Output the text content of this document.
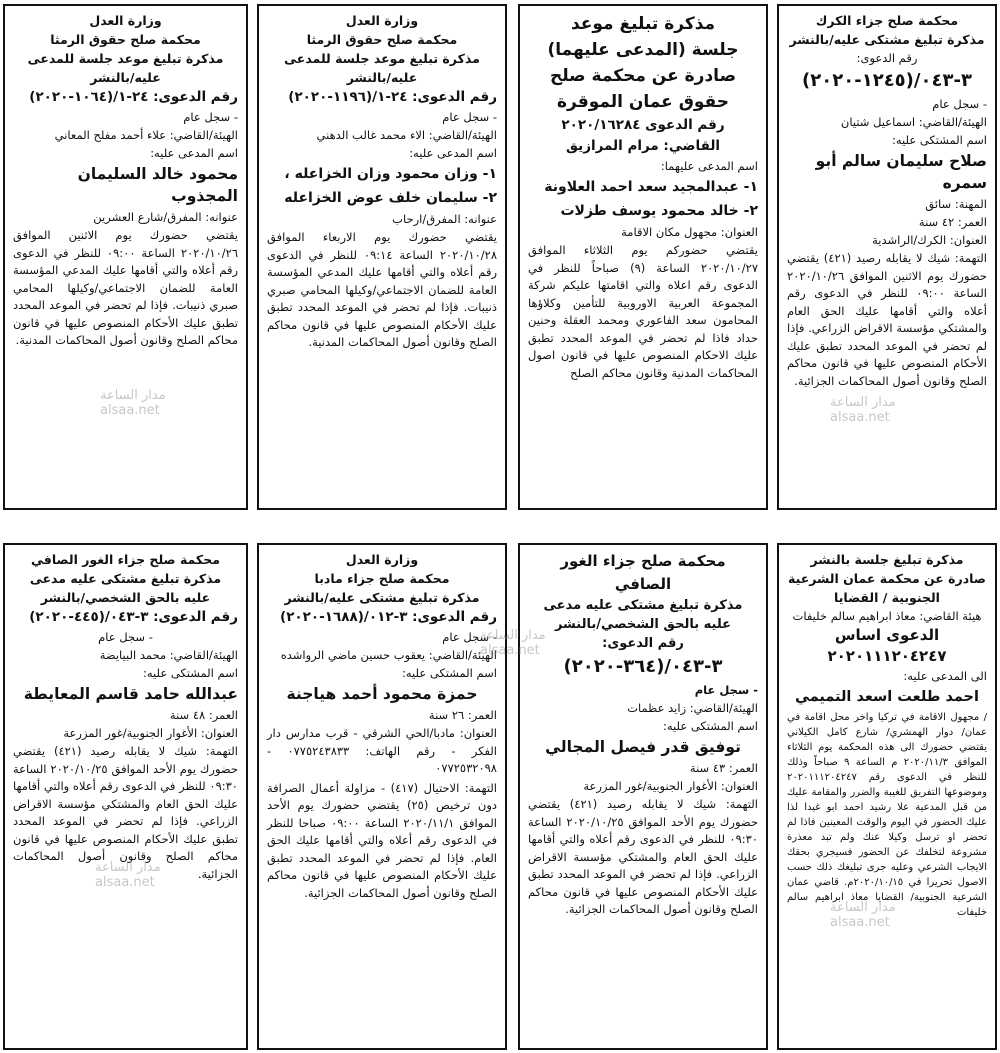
محكمة صلح جزاء الكرك

مذكرة تبليغ مشتكى عليه/بالنشر

رقم الدعوى:

٣-٠٤٣/(١٢٤٥-٢٠٢٠)

- سجل عام

الهيئة/القاضي: اسماعيل شتيان

اسم المشتكى عليه:

صلاح سليمان سالم أبو سمره

المهنة: سائق

العمر: ٤٢ سنة

العنوان: الكرك/الراشدية

التهمة: شيك لا يقابله رصيد (٤٢١) يقتضي حضورك يوم الاثنين الموافق ٢٠٢٠/١٠/٢٦ الساعة ٠٩:٠٠ للنظر في الدعوى رقم أعلاه والتي أقامها عليك الحق العام والمشتكي مؤسسة الاقراض الزراعي. فإذا لم تحضر في الموعد المحدد تطبق عليك الأحكام المنصوص عليها في قانون محاكم الصلح وقانون أصول المحاكمات الجزائية.

مذكرة تبليغ موعد

جلسة (المدعى عليهما)

صادرة عن محكمة صلح

حقوق عمان الموقرة

رقم الدعوى ٢٠٢٠/١٦٢٨٤

القاضي: مرام المرازيق

اسم المدعى عليهما:

١- عبدالمجيد سعد احمد العلاونة

٢- خالد محمود يوسف طزلات

العنوان: مجهول مكان الاقامة

يقتضي حضوركم يوم الثلاثاء الموافق ٢٠٢٠/١٠/٢٧ الساعة (٩) صباحاً للنظر في الدعوى رقم اعلاه والتي اقامتها عليكم شركة المجموعة العربية الاوروبية للتأمين وكلاؤها المحامون سعد الفاعوري ومحمد العقلة وحنين حداد فاذا لم تحضر في الموعد المحدد تطبق عليك الاحكام المنصوص عليها في قانون اصول المحاكمات المدنية وقانون محاكم الصلح

وزارة العدل

محكمة صلح حقوق الرمثا

مذكرة تبليغ موعد جلسة للمدعى

عليه/بالنشر

رقم الدعوى: ٢٤-١/(١١٩٦-٢٠٢٠)

- سجل عام

الهيئة/القاضي: الاء محمد غالب الدهني

اسم المدعى عليه:

١- وزان محمود وزان الخزاعله ،

٢- سليمان خلف عوض الخزاعله

عنوانه: المفرق/ارحاب

يقتضي حضورك يوم الاربعاء الموافق ٢٠٢٠/١٠/٢٨ الساعة ٠٩:١٤ للنظر في الدعوى رقم أعلاه والتي أقامها عليك المدعي المؤسسة العامة للضمان الاجتماعي/وكيلها المحامي صبري ذنيبات. فإذا لم تحضر في الموعد المحدد تطبق عليك الأحكام المنصوص عليها في قانون محاكم الصلح وقانون أصول المحاكمات المدنية.

وزارة العدل

محكمة صلح حقوق الرمثا

مذكرة تبليغ موعد جلسة للمدعى

عليه/بالنشر

رقم الدعوى: ٢٤-١/(١٠٦٤-٢٠٢٠)

- سجل عام

الهيئة/القاضي: علاء أحمد مفلح المعاني

اسم المدعى عليه:

محمود خالد السليمان المجذوب

عنوانه: المفرق/شارع العشرين

يقتضي حضورك يوم الاثنين الموافق ٢٠٢٠/١٠/٢٦ الساعة ٠٩:٠٠ للنظر في الدعوى رقم أعلاه والتي أقامها عليك المدعي المؤسسة العامة للضمان الاجتماعي/وكيلها المحامي صبري ذنيبات. فإذا لم تحضر في الموعد المحدد تطبق عليك الأحكام المنصوص عليها في قانون محاكم الصلح وقانون أصول المحاكمات المدنية.

مذكرة تبليغ جلسة بالنشر

صادرة عن محكمة عمان الشرعية

الجنوبية / القضايا

هيئة القاضي: معاذ ابراهيم سالم خليفات

الدعوى اساس

٢٠٢٠١١١٢٠٤٢٤٧

الى المدعى عليه:

احمد طلعت اسعد التميمي

/ مجهول الاقامة في تركيا واخر محل اقامة في عمان/ دوار الهمشري/ شارع كامل الكيلاني يقتضي حضورك الى هذه المحكمة يوم الثلاثاء الموافق ٢٠٢٠/١١/٣ م الساعة ٩ صباحاً وذلك للنظر في الدعوى رقم ٢٠٢٠١١١٢٠٤٢٤٧ وموضوعها التفريق للغيبة والضرر والمقامة عليك من قبل المدعية علا رشيد احمد ابو غيدا لذا عليك الحضور في اليوم والوقت المعينين فاذا لم تحضر او ترسل وكيلا عنك ولم تبد معذرة مشروعة لتخلفك عن الحضور فسيجري بحقك الايجاب الشرعي وعليه جرى تبليغك ذلك حسب الاصول تحريرا في ٢٠٢٠/١٠/١٥م. قاضي عمان الشرعية الجنوبية/ القضايا معاذ ابراهيم سالم خليفات

محكمة صلح جزاء الغور

الصافي

مذكرة تبليغ مشتكى عليه مدعى

عليه بالحق الشخصي/بالنشر

رقم الدعوى:

٣-٠٤٣/(٣٦٤-٢٠٢٠)

- سجل عام

الهيئة/القاضي: زايد عظمات

اسم المشتكى عليه:

توفيق قدر فيصل المجالي

العمر: ٤٣ سنة

العنوان: الأغوار الجنوبية/غور المزرعة

التهمة: شيك لا يقابله رصيد (٤٢١) يقتضي حضورك يوم الأحد الموافق ٢٠٢٠/١٠/٢٥ الساعة ٠٩:٣٠ للنظر في الدعوى رقم أعلاه والتي أقامها عليك الحق العام والمشتكي مؤسسة الاقراض الزراعي. فإذا لم تحضر في الموعد المحدد تطبق عليك الأحكام المنصوص عليها في قانون محاكم الصلح وقانون أصول المحاكمات الجزائية.

وزارة العدل

محكمة صلح جزاء مادبا

مذكرة تبليغ مشتكى عليه/بالنشر

رقم الدعوى: ٣-٠١٢/(١٦٨٨-٢٠٢٠)

- سجل عام

الهيئة/القاضي: يعقوب حسين ماضي الرواشده

اسم المشتكى عليه:

حمزة محمود أحمد هياجنة

العمر: ٢٦ سنة

العنوان: مادبا/الحي الشرقي - قرب مدارس دار الفكر - رقم الهاتف: ٠٧٧٥٢٤٣٨٣٣ - ٠٧٧٢٥٣٢٠٩٨

التهمة: الاحتيال (٤١٧) - مزاولة أعمال الصرافة دون ترخيص (٢٥) يقتضي حضورك يوم الأحد الموافق ٢٠٢٠/١١/١ الساعة ٠٩:٠٠ صباحا للنظر في الدعوى رقم أعلاه والتي أقامها عليك الحق العام. فإذا لم تحضر في الموعد المحدد تطبق عليك الأحكام المنصوص عليها في قانون محاكم الصلح وقانون أصول المحاكمات الجزائية.

محكمة صلح جزاء الغور الصافي

مذكرة تبليغ مشتكى عليه مدعى

عليه بالحق الشخصي/بالنشر

رقم الدعوى: ٣-٠٤٣/(٤٤٥-٢٠٢٠)

- سجل عام

الهيئة/القاضي: محمد البيايضة

اسم المشتكى عليه:

عبدالله حامد قاسم المعايطة

العمر: ٤٨ سنة

العنوان: الأغوار الجنوبية/غور المزرعة

التهمة: شيك لا يقابله رصيد (٤٢١) يقتضي حضورك يوم الأحد الموافق ٢٠٢٠/١٠/٢٥ الساعة ٠٩:٣٠ للنظر في الدعوى رقم أعلاه والتي أقامها عليك الحق العام والمشتكي مؤسسة الاقراض الزراعي. فإذا لم تحضر في الموعد المحدد تطبق عليك الأحكام المنصوص عليها في قانون محاكم الصلح وقانون أصول المحاكمات الجزائية.

مدار الساعة
alsaa.net
مدار الساعة
alsaa.net
مدار الساعة
alsaa.net
مدار الساعة
alsaa.net
مدار الساعة
alsaa.net
